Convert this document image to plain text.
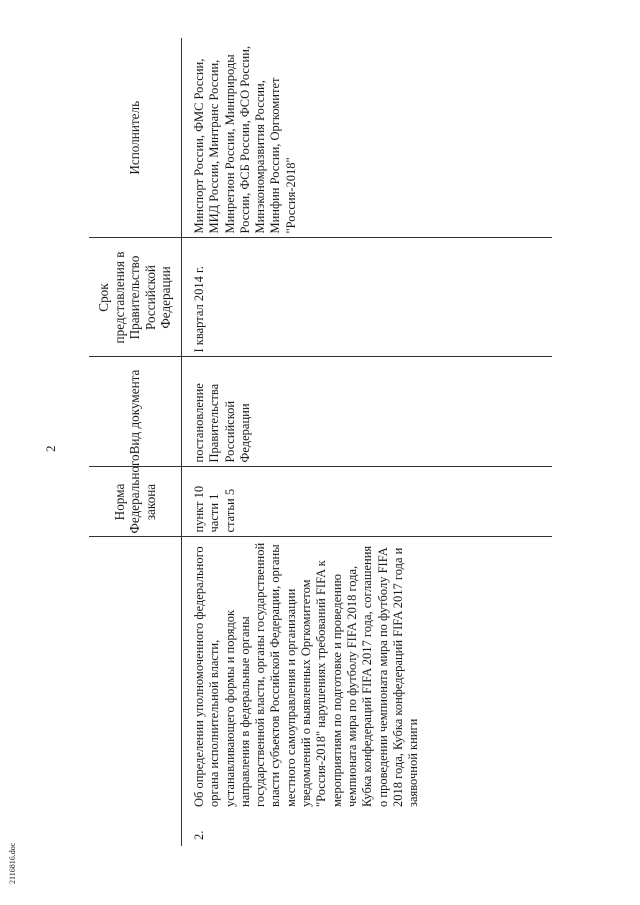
2
		Норма Федерального закона	Вид документа	Срок представления в Правительство Российской Федерации	Исполнитель
2.	Об определении уполномоченного федерального органа исполнительной власти, устанавливающего формы и порядок направления в федеральные органы государственной власти, органы государственной власти субъектов Российской Федерации, органы местного самоуправления и организации уведомлений о выявленных Оргкомитетом "Россия-2018" нарушениях требований FIFA к мероприятиям по подготовке и проведению чемпионата мира по футболу FIFA 2018 года, Кубка конфедераций FIFA 2017 года, соглашения о проведении чемпионата мира по футболу FIFA 2018 года, Кубка конфедераций FIFA 2017 года и заявочной книги	пункт 10 части 1 статьи 5	постановление Правительства Российской Федерации	I квартал 2014 г.	Минспорт России, ФМС России, МИД России, Минтранс России, Минрегион России, Минприроды России, ФСБ России, ФСО России, Минэкономразвития России, Минфин России, Оргкомитет "Россия-2018"
2116816.doc
